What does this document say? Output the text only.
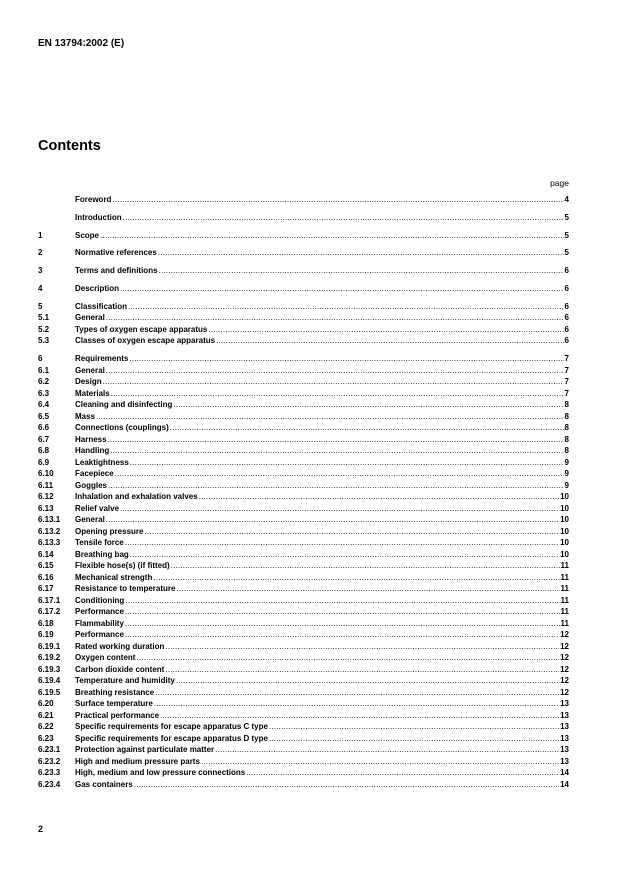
EN 13794:2002 (E)
Contents
page
Foreword .....	4
Introduction .....	5
1	Scope .....	5
2	Normative references .....	5
3	Terms and definitions .....	6
4	Description .....	6
5	Classification .....	6
5.1	General .....	6
5.2	Types of oxygen escape apparatus .....	6
5.3	Classes of oxygen escape apparatus .....	6
6	Requirements .....	7
6.1	General .....	7
6.2	Design .....	7
6.3	Materials .....	7
6.4	Cleaning and disinfecting .....	8
6.5	Mass .....	8
6.6	Connections (couplings) .....	8
6.7	Harness .....	8
6.8	Handling .....	8
6.9	Leaktightness .....	9
6.10	Facepiece .....	9
6.11	Goggles .....	9
6.12	Inhalation and exhalation valves .....	10
6.13	Relief valve .....	10
6.13.1	General .....	10
6.13.2	Opening pressure .....	10
6.13.3	Tensile force .....	10
6.14	Breathing bag .....	10
6.15	Flexible hose(s) (if fitted) .....	11
6.16	Mechanical strength .....	11
6.17	Resistance to temperature .....	11
6.17.1	Conditioning .....	11
6.17.2	Performance .....	11
6.18	Flammability .....	11
6.19	Performance .....	12
6.19.1	Rated working duration .....	12
6.19.2	Oxygen content .....	12
6.19.3	Carbon dioxide content .....	12
6.19.4	Temperature and humidity .....	12
6.19.5	Breathing resistance .....	12
6.20	Surface temperature .....	13
6.21	Practical performance .....	13
6.22	Specific requirements for escape apparatus C type .....	13
6.23	Specific requirements for escape apparatus D type .....	13
6.23.1	Protection against particulate matter .....	13
6.23.2	High and medium pressure parts .....	13
6.23.3	High, medium and low pressure connections .....	14
6.23.4	Gas containers .....	14
2
